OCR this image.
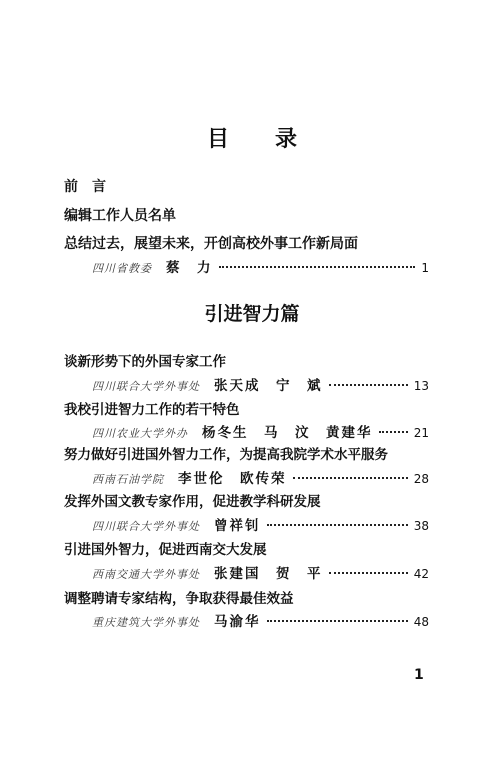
目 录
前　言
编辑工作人员名单
总结过去，展望未来，开创高校外事工作新局面
四川省教委 蔡　力	1
引进智力篇
谈新形势下的外国专家工作
四川联合大学外事处 张天成　宁　斌	13
我校引进智力工作的若干特色
四川农业大学外办 杨冬生　马　汶　黄建华	21
努力做好引进国外智力工作，为提高我院学术水平服务
西南石油学院 李世伦　欧传荣	28
发挥外国文教专家作用，促进教学科研发展
四川联合大学外事处 曾祥钊	38
引进国外智力，促进西南交大发展
西南交通大学外事处 张建国　贺　平	42
调整聘请专家结构，争取获得最佳效益
重庆建筑大学外事处 马渝华	48
1
